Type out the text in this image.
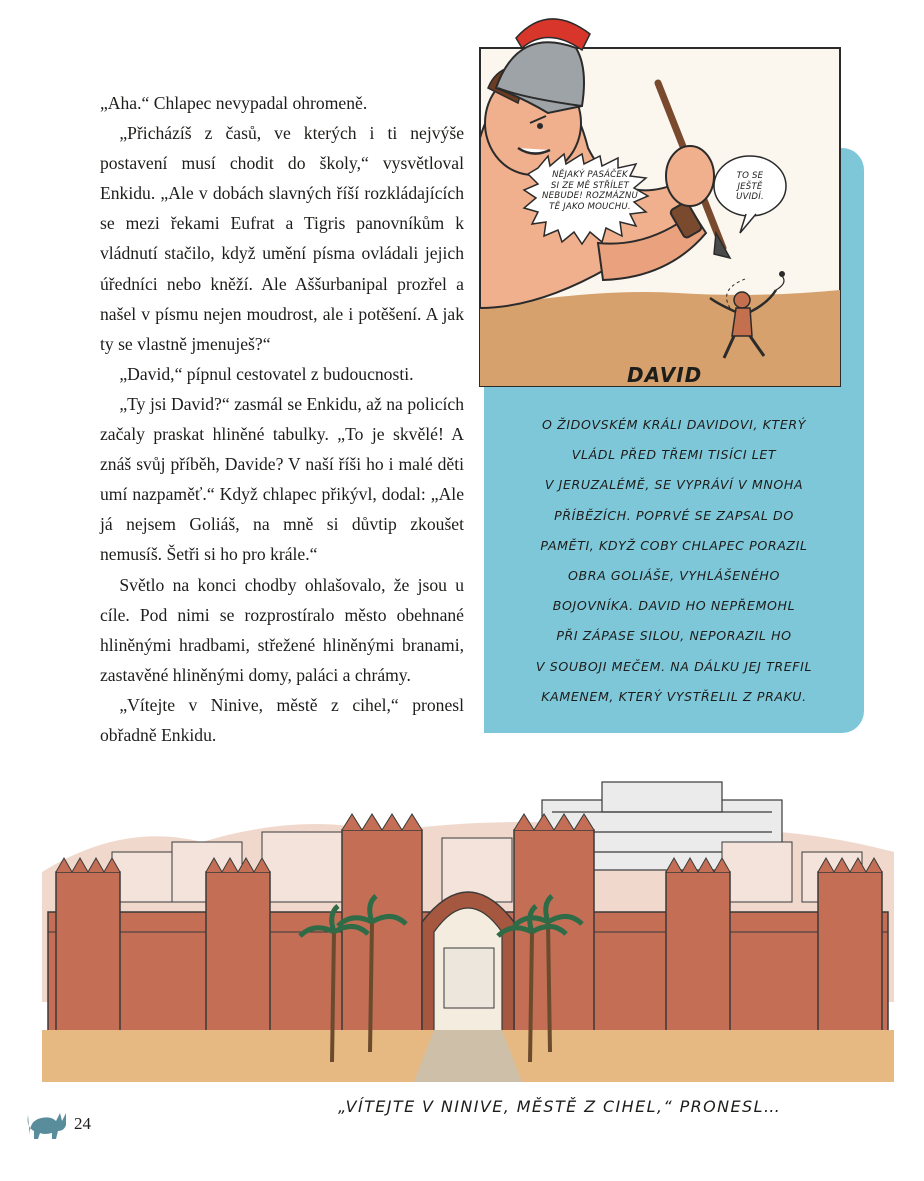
„Aha.“ Chlapec nevypadal ohromeně.

„Přicházíš z časů, ve kterých i ti nejvýše postavení musí chodit do školy,“ vysvětloval Enkidu. „Ale v dobách slavných říší rozkládajících se mezi řekami Eufrat a Tigris panovníkům k vládnutí stačilo, když umění písma ovládali jejich úředníci nebo kněží. Ale Aššurbanipal prozřel a našel v písmu nejen moudrost, ale i potěšení. A jak ty se vlastně jmenuješ?“

„David,“ pípnul cestovatel z budoucnosti.

„Ty jsi David?“ zasmál se Enkidu, až na policích začaly praskat hliněné tabulky. „To je skvělé! A znáš svůj příběh, Davide? V naší říši ho i malé děti umí nazpaměť.“ Když chlapec přikývl, dodal: „Ale já nejsem Goliáš, na mně si důvtip zkoušet nemusíš. Šetři si ho pro krále.“

Světlo na konci chodby ohlašovalo, že jsou u cíle. Pod nimi se rozprostíralo město obehnané hliněnými hradbami, střežené hliněnými branami, zastavěné hliněnými domy, paláci a chrámy.

„Vítejte v Ninive, městě z cihel,“ pronesl obřadně Enkidu.

NĚJAKÝ PASÁČEK
SI ZE MĚ STŘÍLET
NEBUDE! ROZMÁZNU
TĚ JAKO MOUCHU.
TO SE
JEŠTĚ
UVIDÍ.
DAVID
O ŽIDOVSKÉM KRÁLI DAVIDOVI, KTERÝ
VLÁDL PŘED TŘEMI TISÍCI LET
V JERUZALÉMĚ, SE VYPRÁVÍ V MNOHA
PŘÍBĚZÍCH. POPRVÉ SE ZAPSAL DO
PAMĚTI, KDYŽ COBY CHLAPEC PORAZIL
OBRA GOLIÁŠE, VYHLÁŠENÉHO
BOJOVNÍKA. DAVID HO NEPŘEMOHL
PŘI ZÁPASE SILOU, NEPORAZIL HO
V SOUBOJI MEČEM. NA DÁLKU JEJ TREFIL
KAMENEM, KTERÝ VYSTŘELIL Z PRAKU.
„VÍTEJTE V NINIVE, MĚSTĚ Z CIHEL,“ PRONESL…
24
